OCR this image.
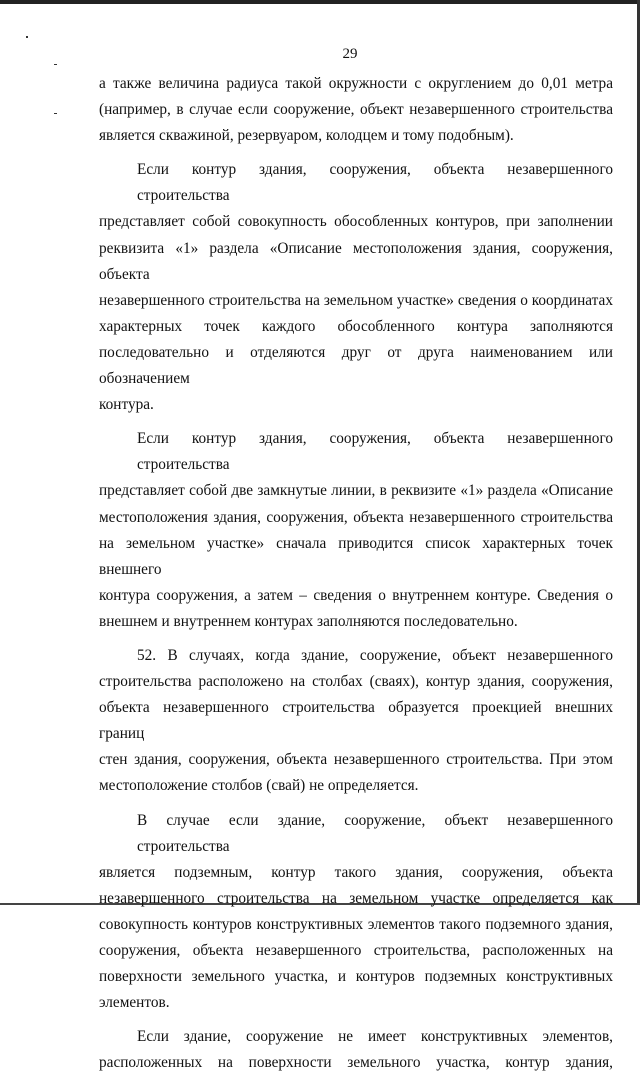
29
а также величина радиуса такой окружности с округлением до 0,01 метра
(например, в случае если сооружение, объект незавершенного строительства
является скважиной, резервуаром, колодцем и тому подобным).
Если контур здания, сооружения, объекта незавершенного строительства
представляет собой совокупность обособленных контуров, при заполнении
реквизита «1» раздела «Описание местоположения здания, сооружения, объекта
незавершенного строительства на земельном участке» сведения о координатах
характерных точек каждого обособленного контура заполняются
последовательно и отделяются друг от друга наименованием или обозначением
контура.
Если контур здания, сооружения, объекта незавершенного строительства
представляет собой две замкнутые линии, в реквизите «1» раздела «Описание
местоположения здания, сооружения, объекта незавершенного строительства
на земельном участке» сначала приводится список характерных точек внешнего
контура сооружения, а затем – сведения о внутреннем контуре. Сведения о
внешнем и внутреннем контурах заполняются последовательно.
52. В случаях, когда здание, сооружение, объект незавершенного
строительства расположено на столбах (сваях), контур здания, сооружения,
объекта незавершенного строительства образуется проекцией внешних границ
стен здания, сооружения, объекта незавершенного строительства. При этом
местоположение столбов (свай) не определяется.
В случае если здание, сооружение, объект незавершенного строительства
является подземным, контур такого здания, сооружения, объекта
незавершенного строительства на земельном участке определяется как
совокупность контуров конструктивных элементов такого подземного здания,
сооружения, объекта незавершенного строительства, расположенных на
поверхности земельного участка, и контуров подземных конструктивных
элементов.
Если здание, сооружение не имеет конструктивных элементов,
расположенных на поверхности земельного участка, контур здания,
